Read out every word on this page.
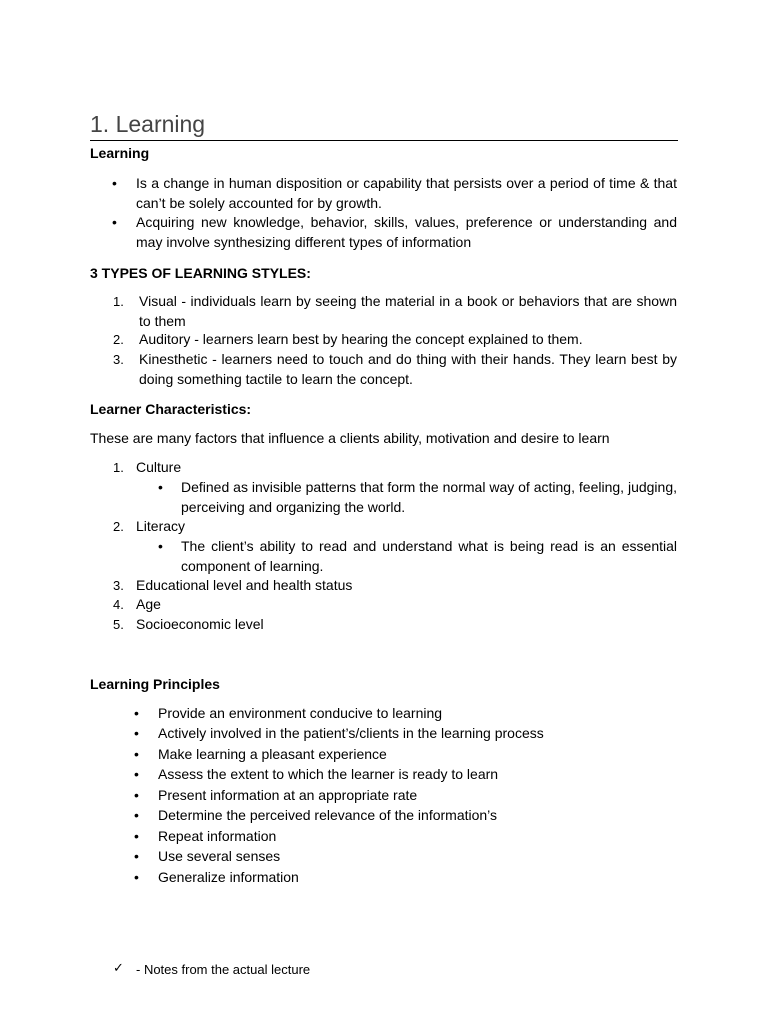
1. Learning
Learning
• Is a change in human disposition or capability that persists over a period of time & that can’t be solely accounted for by growth.
• Acquiring new knowledge, behavior, skills, values, preference or understanding and may involve synthesizing different types of information
3 TYPES OF LEARNING STYLES:
1. Visual - individuals learn by seeing the material in a book or behaviors that are shown to them
2. Auditory - learners learn best by hearing the concept explained to them.
3. Kinesthetic - learners need to touch and do thing with their hands. They learn best by doing something tactile to learn the concept.
Learner Characteristics:
These are many factors that influence a clients ability, motivation and desire to learn
1. Culture
• Defined as invisible patterns that form the normal way of acting, feeling, judging, perceiving and organizing the world.
2. Literacy
• The client’s ability to read and understand what is being read is an essential component of learning.
3. Educational level and health status
4. Age
5. Socioeconomic level
Learning Principles
• Provide an environment conducive to learning
• Actively involved in the patient’s/clients in the learning process
• Make learning a pleasant experience
• Assess the extent to which the learner is ready to learn
• Present information at an appropriate rate
• Determine the perceived relevance of the information’s
• Repeat information
• Use several senses
• Generalize information
✓ - Notes from the actual lecture
